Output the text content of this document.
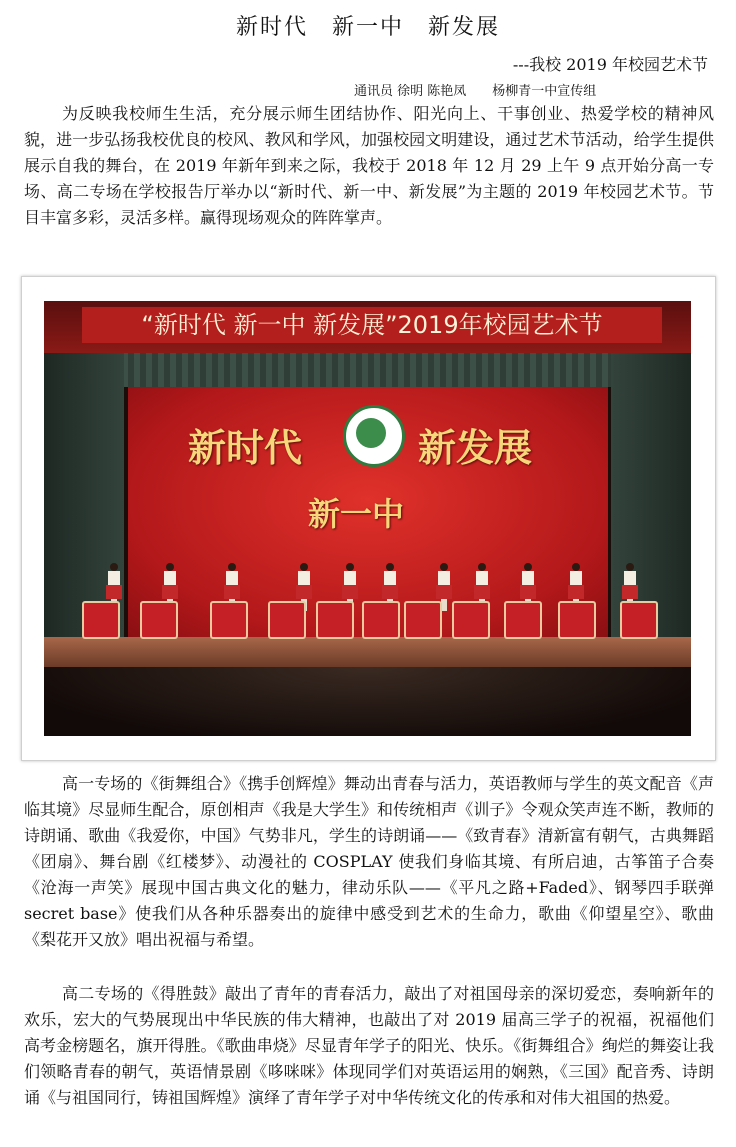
新时代　新一中　新发展
---我校 2019 年校园艺术节
通讯员 徐明 陈艳凤　　杨柳青一中宣传组

为反映我校师生生活，充分展示师生团结协作、阳光向上、干事创业、热爱学校的精神风貌，进一步弘扬我校优良的校风、教风和学风，加强校园文明建设，通过艺术节活动，给学生提供展示自我的舞台，在 2019 年新年到来之际，我校于 2018 年 12 月 29 上午 9 点开始分高一专场、高二专场在学校报告厅举办以“新时代、新一中、新发展”为主题的 2019 年校园艺术节。节目丰富多彩，灵活多样。赢得现场观众的阵阵掌声。

“新时代 新一中 新发展”2019年校园艺术节
新时代	新发展
新一中

高一专场的《街舞组合》《携手创辉煌》舞动出青春与活力，英语教师与学生的英文配音《声临其境》尽显师生配合，原创相声《我是大学生》和传统相声《训子》令观众笑声连不断，教师的诗朗诵、歌曲《我爱你，中国》气势非凡，学生的诗朗诵——《致青春》清新富有朝气，古典舞蹈《团扇》、舞台剧《红楼梦》、动漫社的 COSPLAY 使我们身临其境、有所启迪，古筝笛子合奏《沧海一声笑》展现中国古典文化的魅力，律动乐队——《平凡之路+Faded》、钢琴四手联弹 secret base》使我们从各种乐器奏出的旋律中感受到艺术的生命力，歌曲《仰望星空》、歌曲《梨花开又放》唱出祝福与希望。

高二专场的《得胜鼓》敲出了青年的青春活力，敲出了对祖国母亲的深切爱恋，奏响新年的欢乐，宏大的气势展现出中华民族的伟大精神，也敲出了对 2019 届高三学子的祝福，祝福他们高考金榜题名，旗开得胜。《歌曲串烧》尽显青年学子的阳光、快乐。《街舞组合》绚烂的舞姿让我们领略青春的朝气，英语情景剧《哆咪咪》体现同学们对英语运用的娴熟，《三国》配音秀、诗朗诵《与祖国同行，铸祖国辉煌》演绎了青年学子对中华传统文化的传承和对伟大祖国的热爱。
